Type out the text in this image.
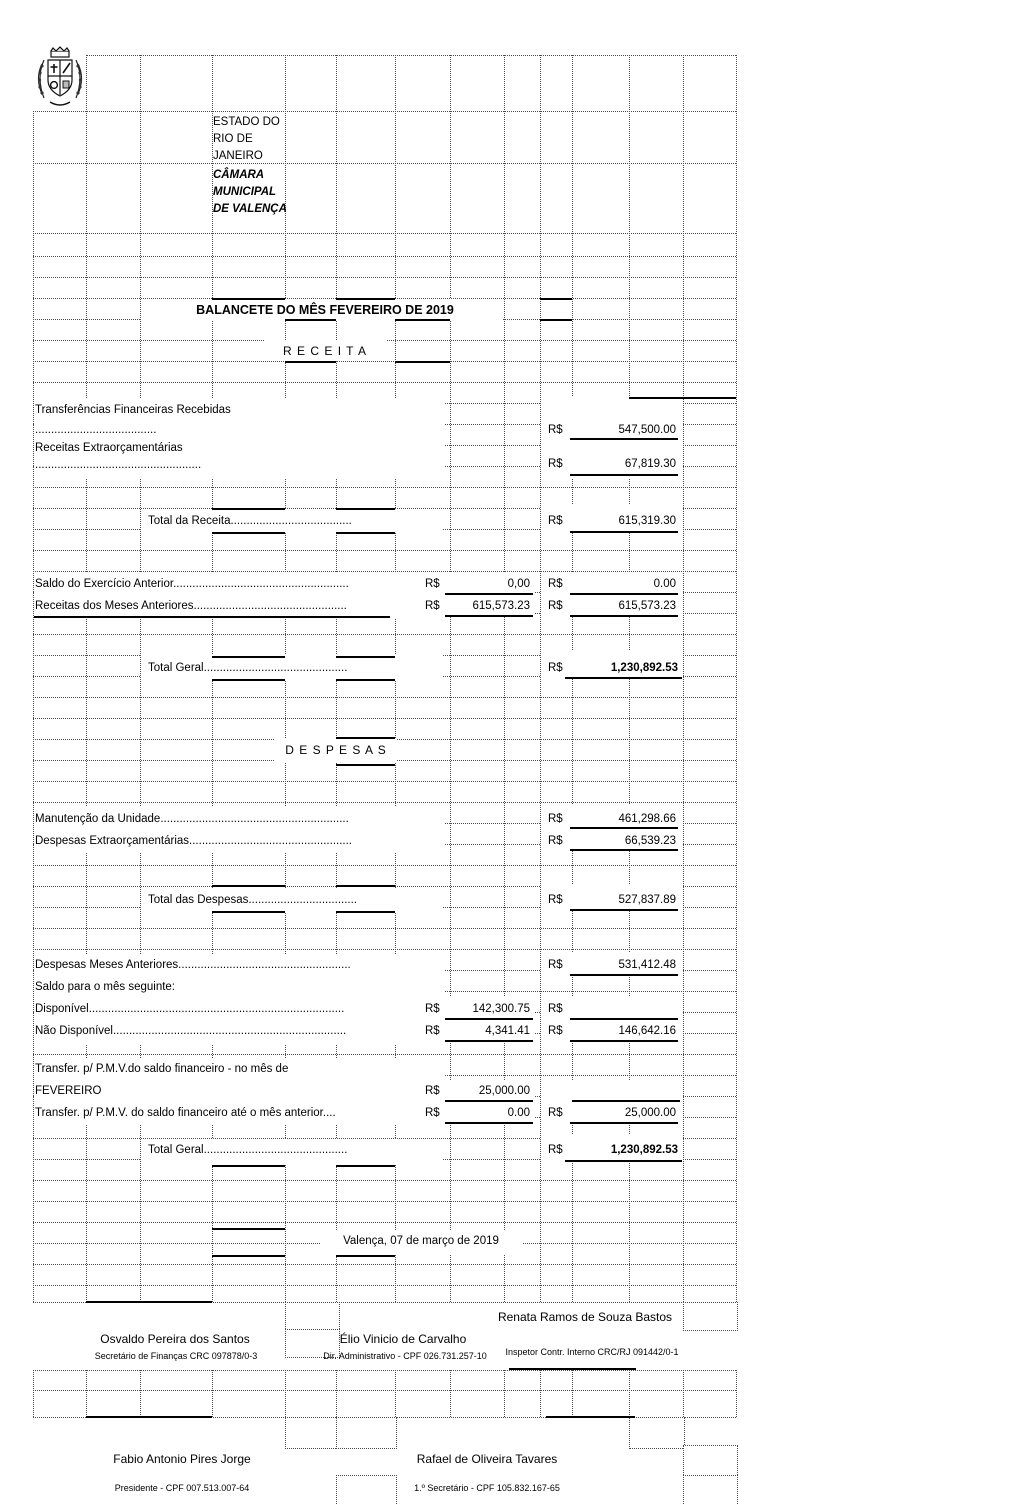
ESTADO DO RIO DE JANEIRO
CÂMARA MUNICIPAL DE VALENÇA
BALANCETE DO MÊS FEVEREIRO DE 2019
R E C E I T A
Transferências Financeiras Recebidas
......................................	R$	547,500.00
Receitas Extraorçamentárias
....................................................	R$	67,819.30
Total da Receita......................................	R$	615,319.30
Saldo do Exercício Anterior.......................................................	R$	0,00 R$	0.00
Receitas dos Meses Anteriores................................................	R$	615,573.23 R$	615,573.23
Total Geral.............................................	R$	1,230,892.53
D E S P E S A S
Manutenção da Unidade...........................................................	R$	461,298.66
Despesas Extraorçamentárias...................................................	R$	66,539.23
Total das Despesas..................................	R$	527,837.89
Despesas Meses Anteriores......................................................	R$	531,412.48
Saldo para o mês seguinte:
Disponível................................................................................	R$	142,300.75 R$
Não Disponível.........................................................................	R$	4,341.41 R$	146,642.16
Transfer. p/ P.M.V.do saldo financeiro - no mês de
FEVEREIRO	R$	25,000.00
Transfer. p/ P.M.V. do saldo financeiro até o mês anterior....	R$	0.00 R$	25,000.00
Total Geral.............................................	R$	1,230,892.53
Valença, 07 de março de 2019
Osvaldo Pereira dos Santos	Élio Vinicio de Carvalho
Renata Ramos de Souza Bastos
Secretário de Finanças CRC 097878/0-3	Dir. Administrativo - CPF 026.731.257-10	Inspetor Contr. Interno CRC/RJ 091442/0-1
Fabio Antonio Pires Jorge	Rafael de Oliveira Tavares
Presidente - CPF 007.513.007-64	1.º Secretário - CPF 105.832.167-65
